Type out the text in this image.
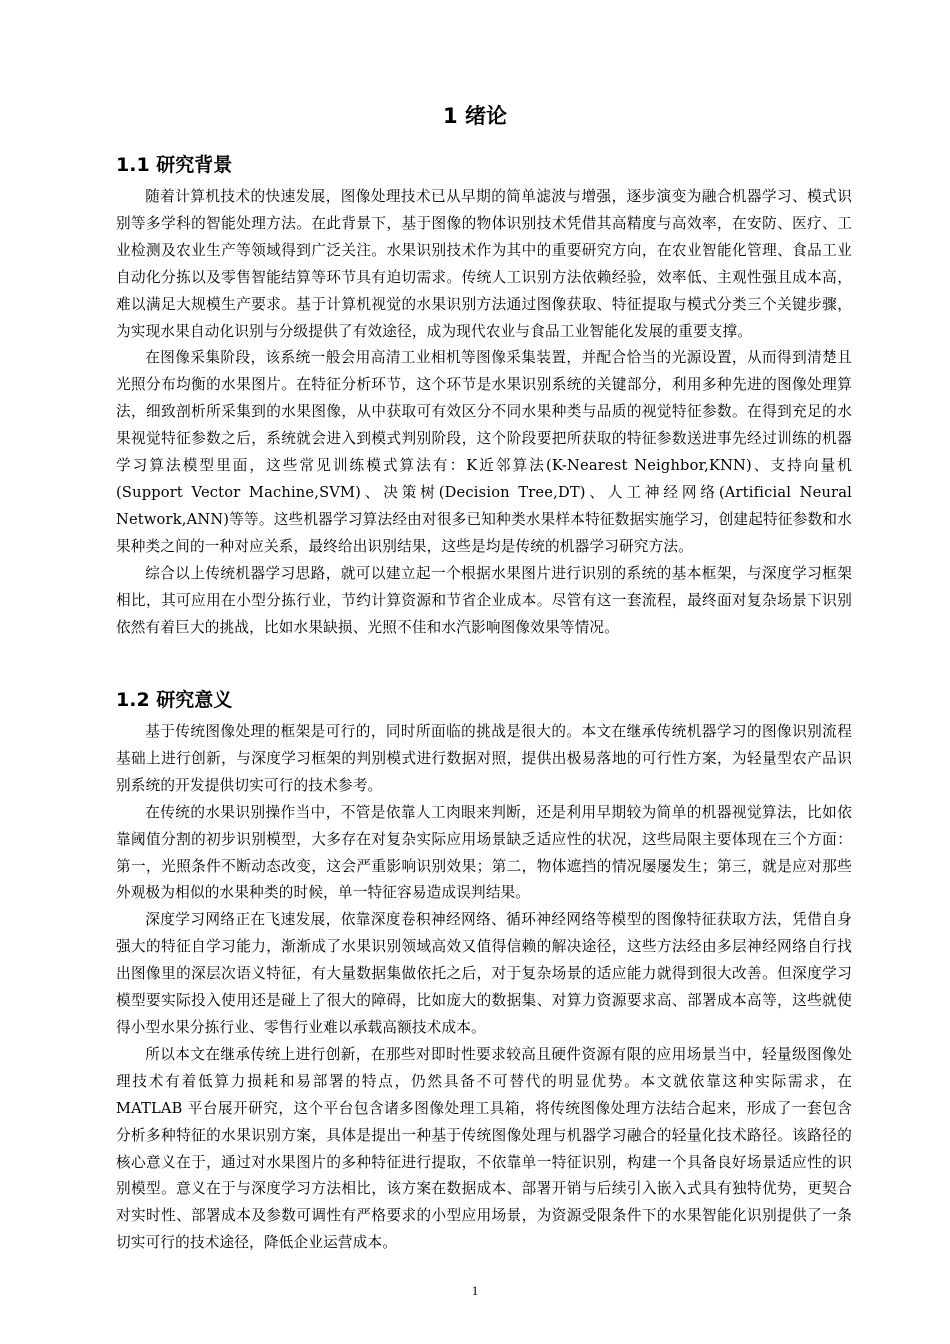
1 绪论
1.1 研究背景

随着计算机技术的快速发展，图像处理技术已从早期的简单滤波与增强，逐步演变为融合机器学习、模式识别等多学科的智能处理方法。在此背景下，基于图像的物体识别技术凭借其高精度与高效率，在安防、医疗、工业检测及农业生产等领域得到广泛关注。水果识别技术作为其中的重要研究方向，在农业智能化管理、食品工业自动化分拣以及零售智能结算等环节具有迫切需求。传统人工识别方法依赖经验，效率低、主观性强且成本高，难以满足大规模生产要求。基于计算机视觉的水果识别方法通过图像获取、特征提取与模式分类三个关键步骤，为实现水果自动化识别与分级提供了有效途径，成为现代农业与食品工业智能化发展的重要支撑。

在图像采集阶段，该系统一般会用高清工业相机等图像采集装置，并配合恰当的光源设置，从而得到清楚且光照分布均衡的水果图片。在特征分析环节，这个环节是水果识别系统的关键部分，利用多种先进的图像处理算法，细致剖析所采集到的水果图像，从中获取可有效区分不同水果种类与品质的视觉特征参数。在得到充足的水果视觉特征参数之后，系统就会进入到模式判别阶段，这个阶段要把所获取的特征参数送进事先经过训练的机器学习算法模型里面，这些常见训练模式算法有：K近邻算法(K-Nearest Neighbor,KNN)、支持向量机(Support Vector Machine,SVM)、决策树(Decision Tree,DT)、人工神经网络(Artificial Neural Network,ANN)等等。这些机器学习算法经由对很多已知种类水果样本特征数据实施学习，创建起特征参数和水果种类之间的一种对应关系，最终给出识别结果，这些是均是传统的机器学习研究方法。

综合以上传统机器学习思路，就可以建立起一个根据水果图片进行识别的系统的基本框架，与深度学习框架相比，其可应用在小型分拣行业，节约计算资源和节省企业成本。尽管有这一套流程，最终面对复杂场景下识别依然有着巨大的挑战，比如水果缺损、光照不佳和水汽影响图像效果等情况。

1.2 研究意义

基于传统图像处理的框架是可行的，同时所面临的挑战是很大的。本文在继承传统机器学习的图像识别流程基础上进行创新，与深度学习框架的判别模式进行数据对照，提供出极易落地的可行性方案，为轻量型农产品识别系统的开发提供切实可行的技术参考。

在传统的水果识别操作当中，不管是依靠人工肉眼来判断，还是利用早期较为简单的机器视觉算法，比如依靠阈值分割的初步识别模型，大多存在对复杂实际应用场景缺乏适应性的状况，这些局限主要体现在三个方面：第一，光照条件不断动态改变，这会严重影响识别效果；第二，物体遮挡的情况屡屡发生；第三，就是应对那些外观极为相似的水果种类的时候，单一特征容易造成误判结果。

深度学习网络正在飞速发展，依靠深度卷积神经网络、循环神经网络等模型的图像特征获取方法，凭借自身强大的特征自学习能力，渐渐成了水果识别领域高效又值得信赖的解决途径，这些方法经由多层神经网络自行找出图像里的深层次语义特征，有大量数据集做依托之后，对于复杂场景的适应能力就得到很大改善。但深度学习模型要实际投入使用还是碰上了很大的障碍，比如庞大的数据集、对算力资源要求高、部署成本高等，这些就使得小型水果分拣行业、零售行业难以承载高额技术成本。

所以本文在继承传统上进行创新，在那些对即时性要求较高且硬件资源有限的应用场景当中，轻量级图像处理技术有着低算力损耗和易部署的特点，仍然具备不可替代的明显优势。本文就依靠这种实际需求，在 MATLAB 平台展开研究，这个平台包含诸多图像处理工具箱，将传统图像处理方法结合起来，形成了一套包含分析多种特征的水果识别方案，具体是提出一种基于传统图像处理与机器学习融合的轻量化技术路径。该路径的核心意义在于，通过对水果图片的多种特征进行提取，不依靠单一特征识别，构建一个具备良好场景适应性的识别模型。意义在于与深度学习方法相比，该方案在数据成本、部署开销与后续引入嵌入式具有独特优势，更契合对实时性、部署成本及参数可调性有严格要求的小型应用场景，为资源受限条件下的水果智能化识别提供了一条切实可行的技术途径，降低企业运营成本。

1
